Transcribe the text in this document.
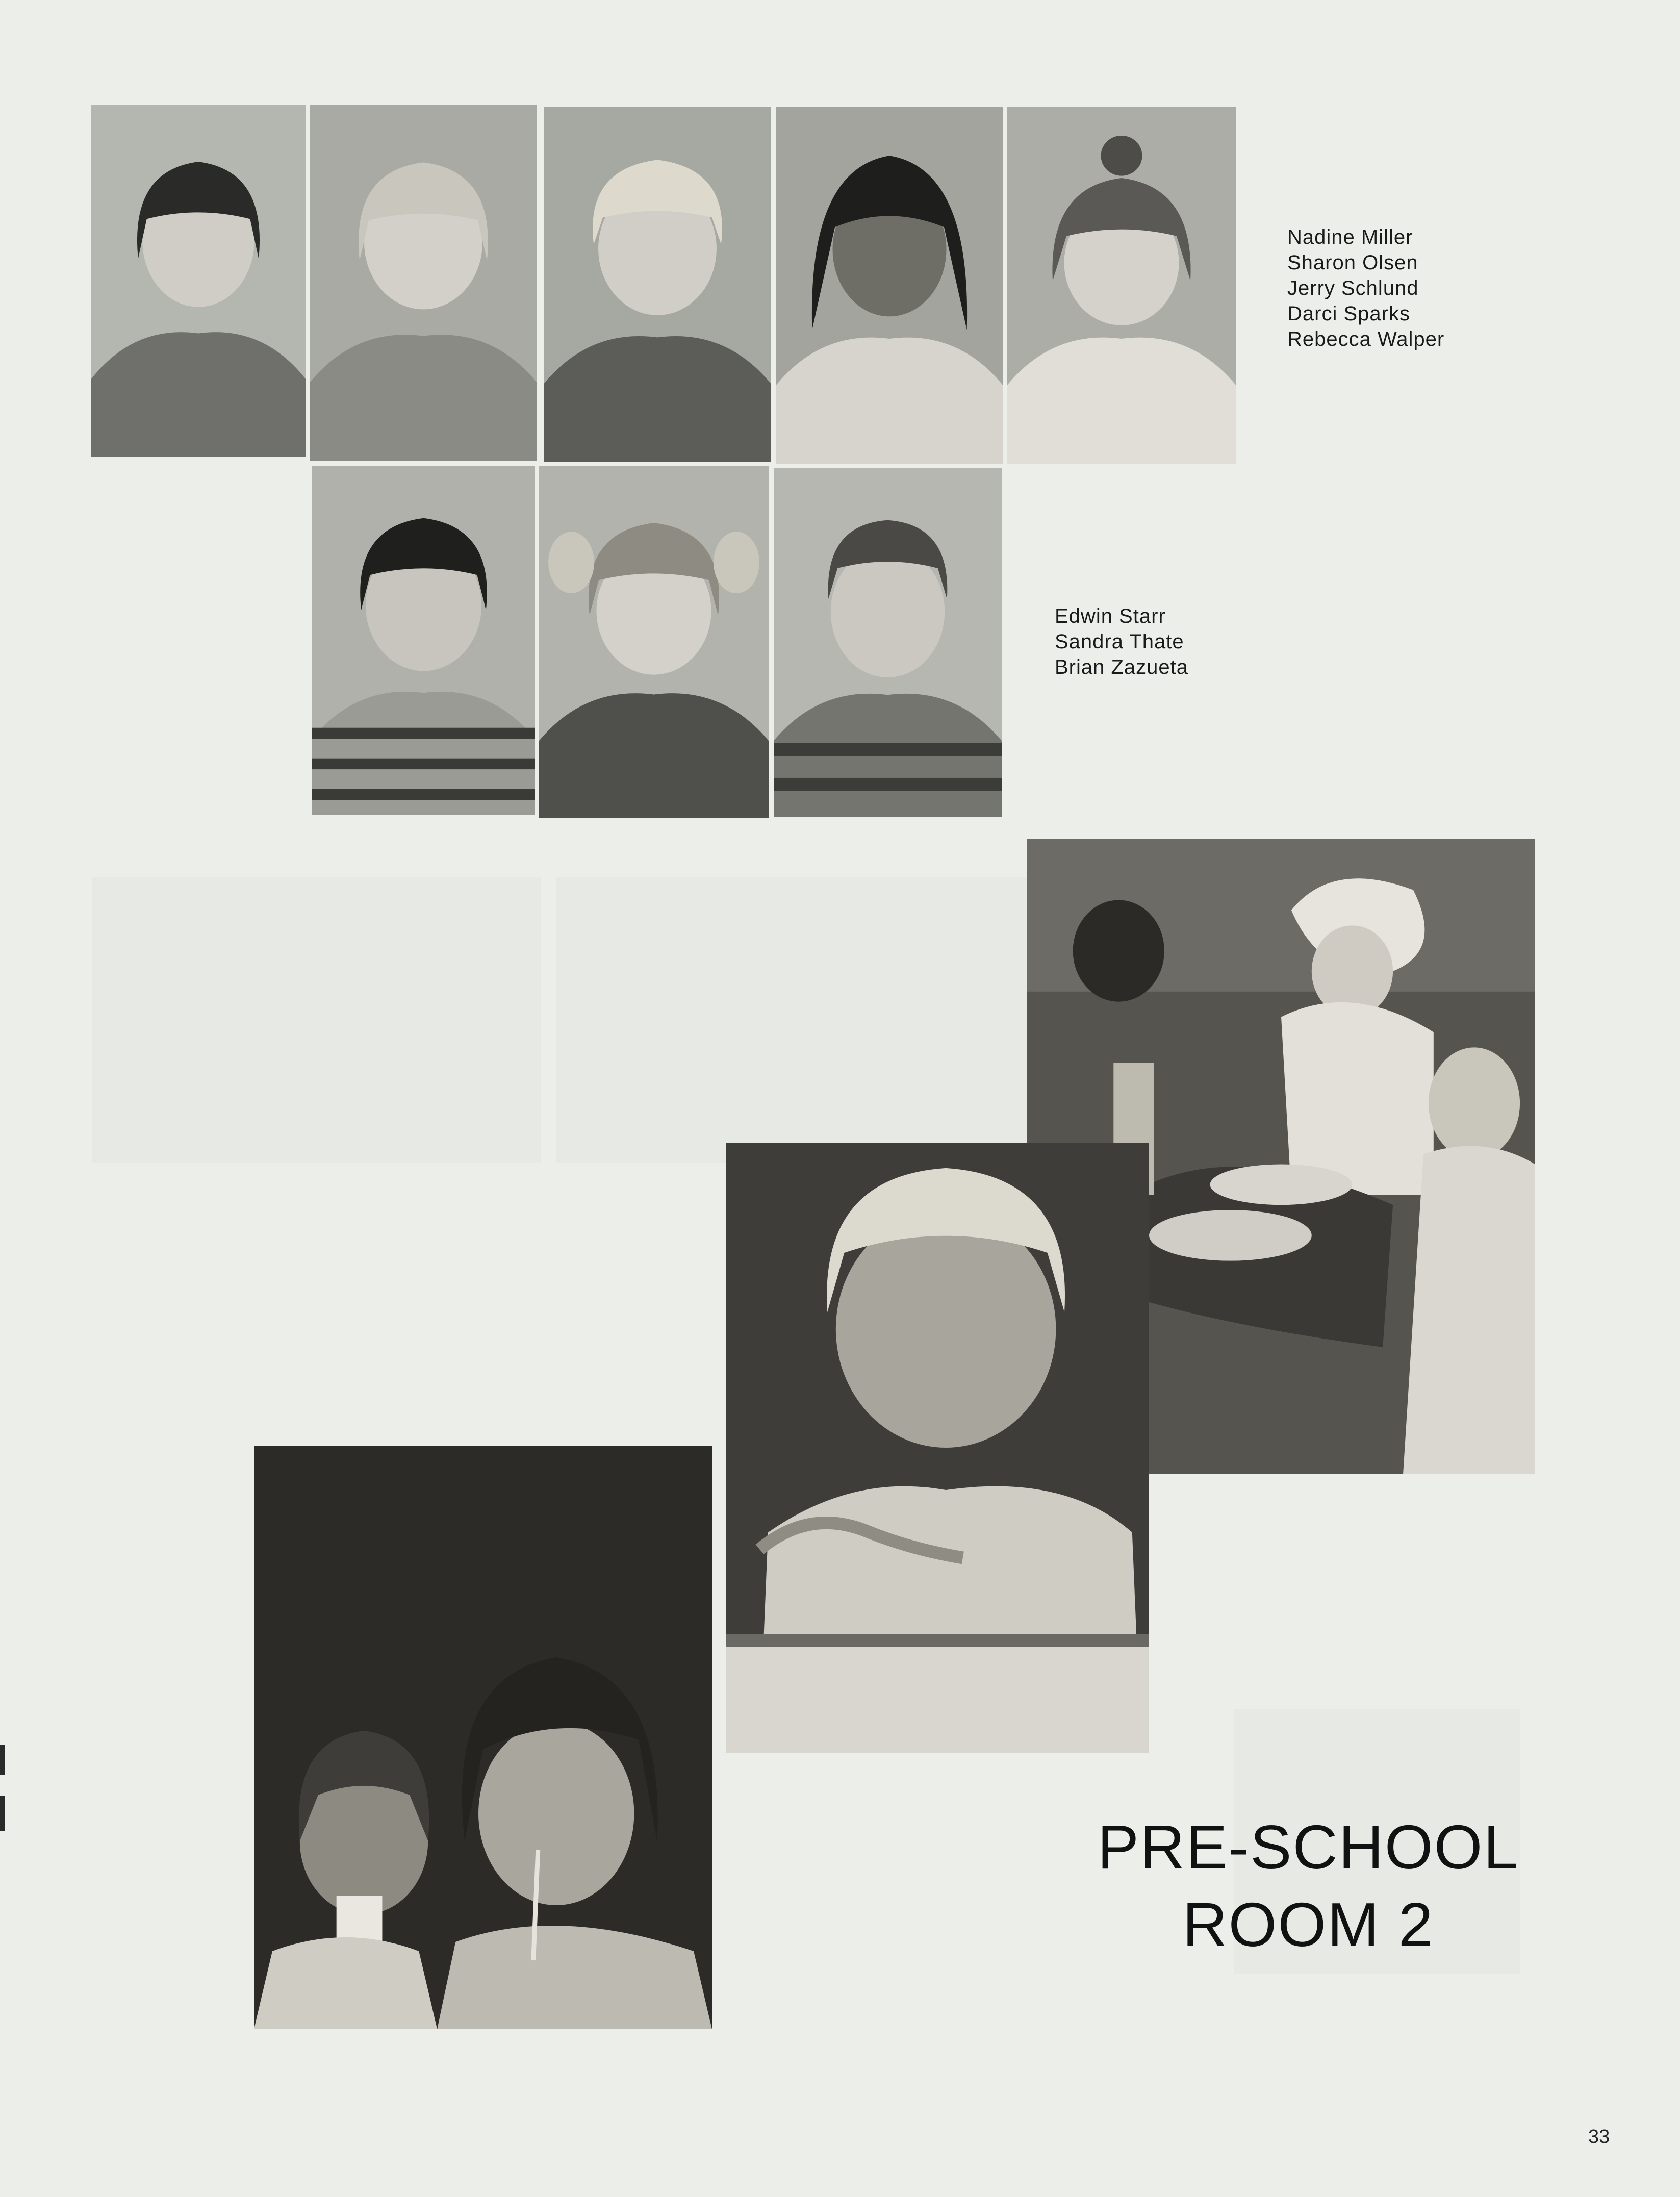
Nadine Miller
Sharon Olsen
Jerry Schlund
Darci Sparks
Rebecca Walper
Edwin Starr
Sandra Thate
Brian Zazueta
PRE-SCHOOL
ROOM 2
33
